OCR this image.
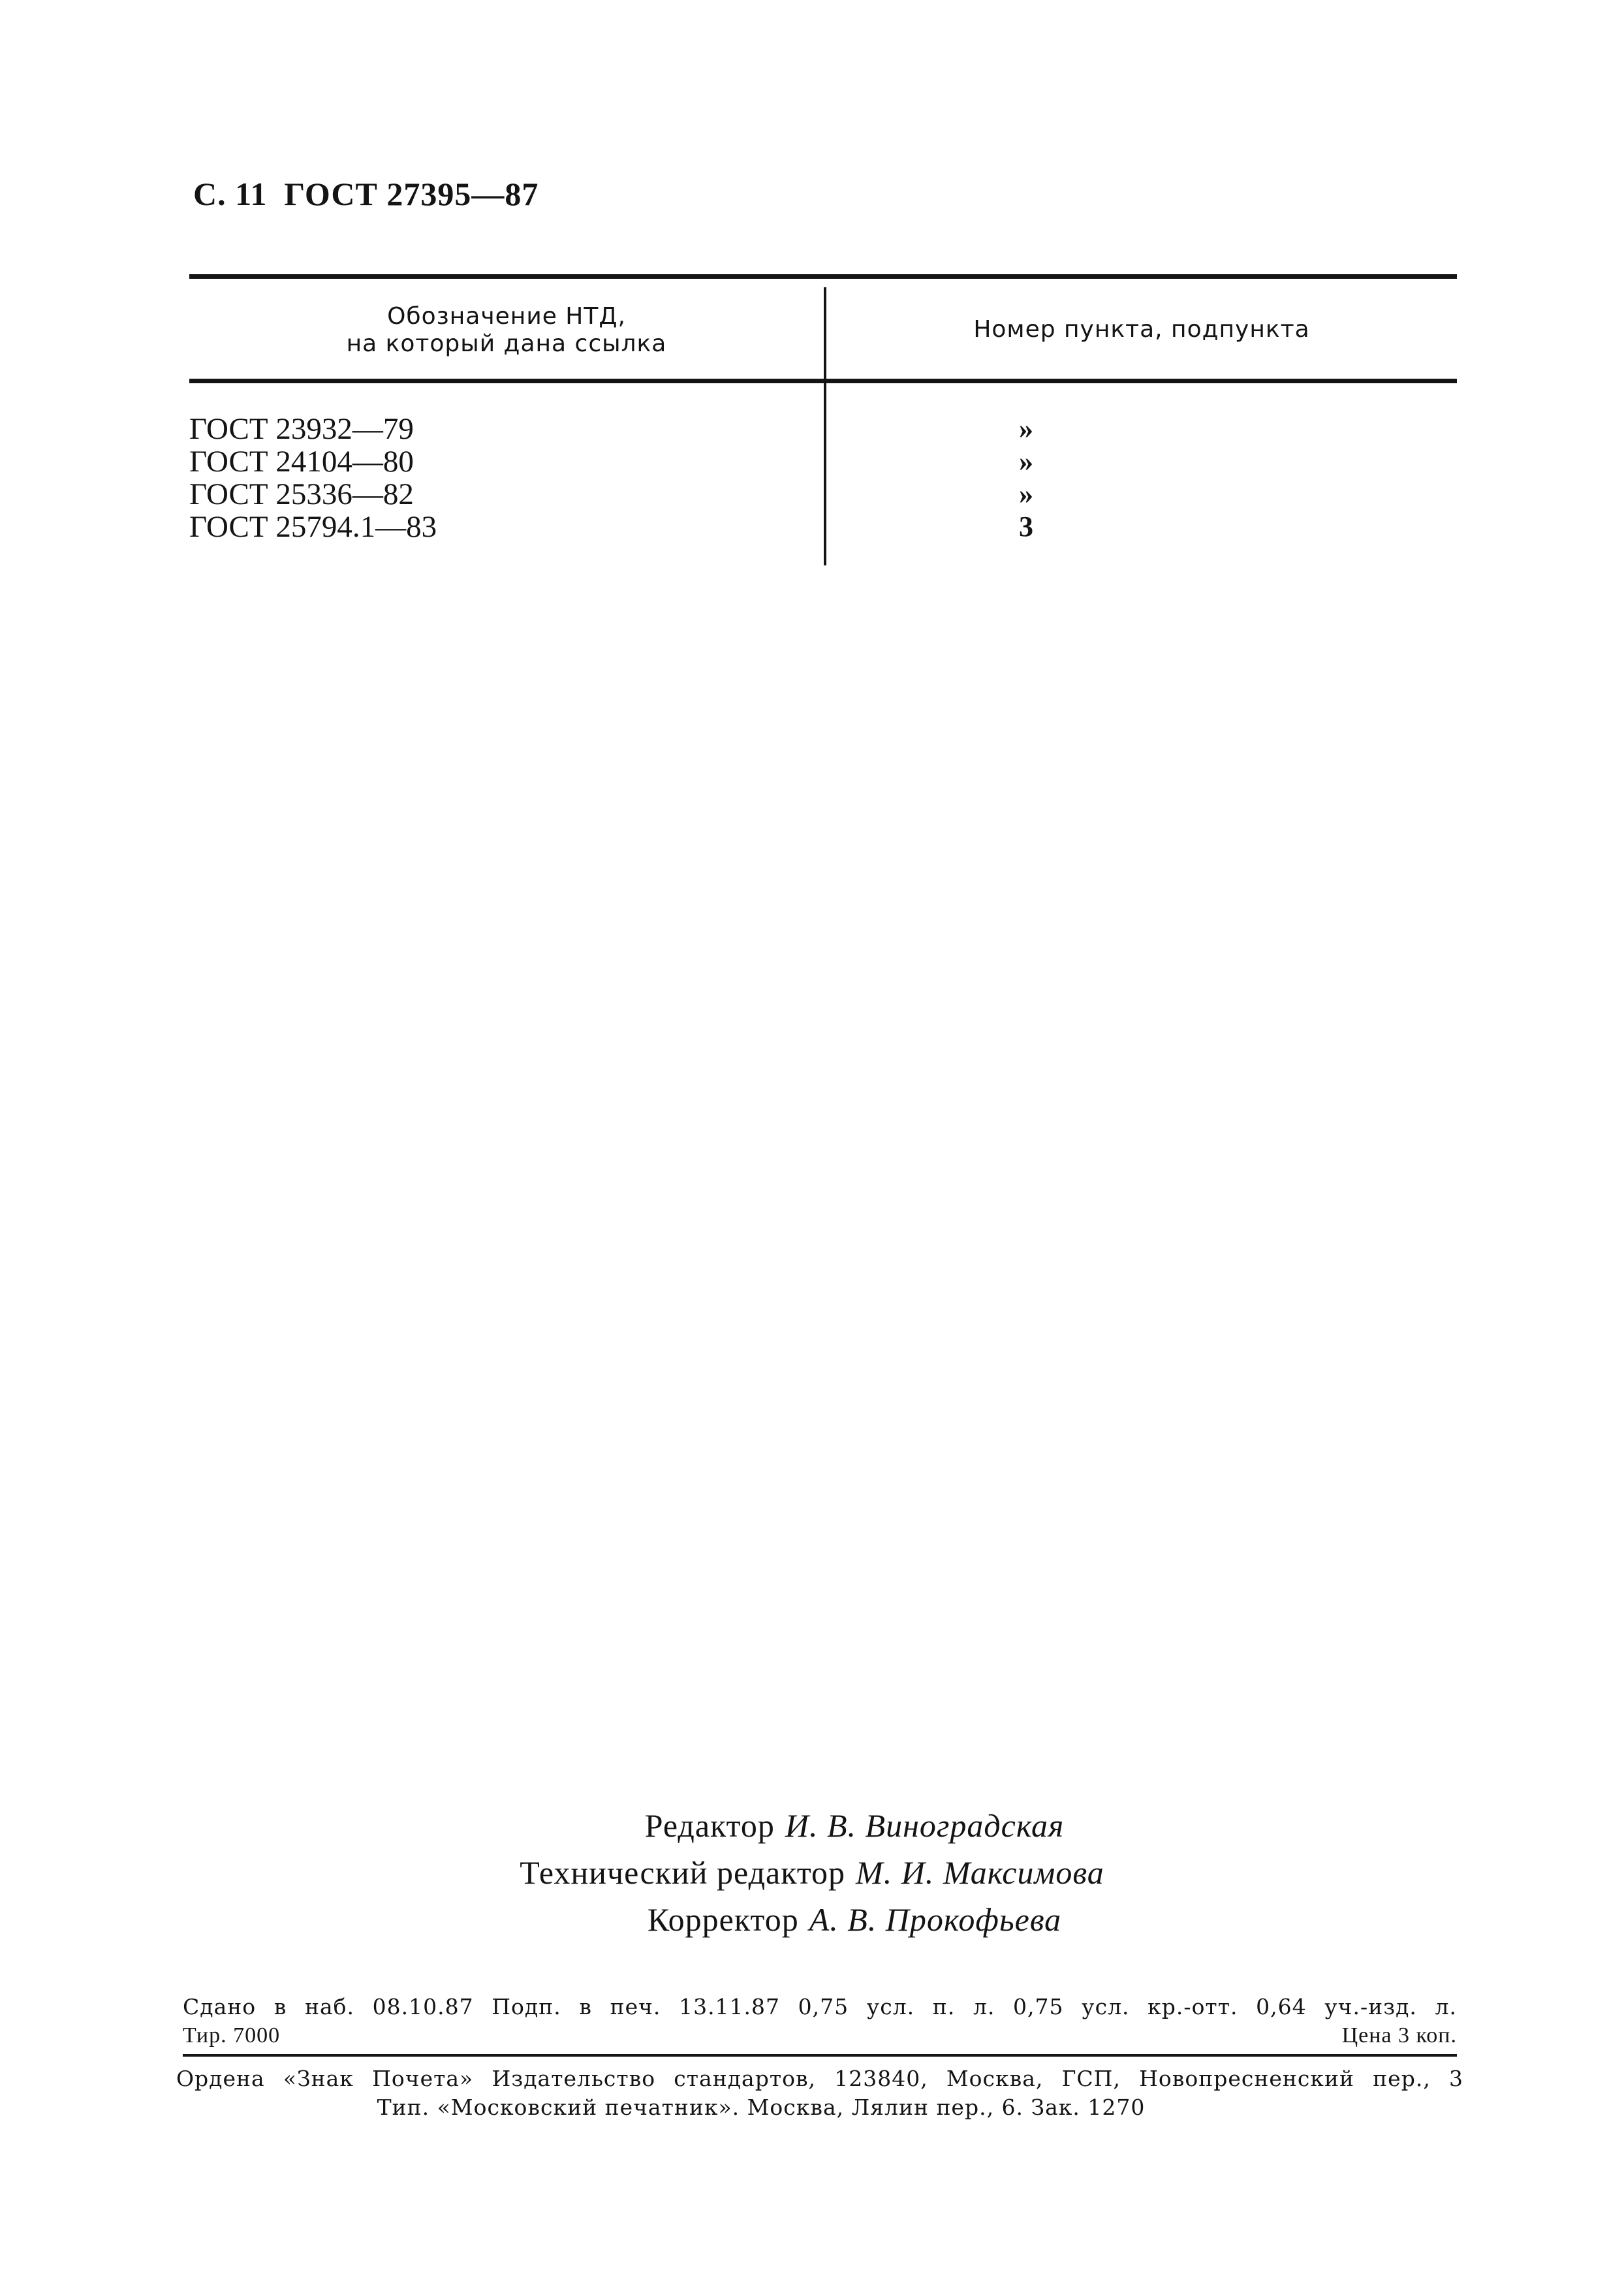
С. 11 ГОСТ 27395—87
Обозначение НТД,
на который дана ссылка
Номер пункта, подпункта
ГОСТ 23932—79	»
ГОСТ 24104—80	»
ГОСТ 25336—82	»
ГОСТ 25794.1—83	3
Редактор И. В. Виноградская
Технический редактор М. И. Максимова
Корректор А. В. Прокофьева
Сдано в наб. 08.10.87 Подп. в печ. 13.11.87 0,75 усл. п. л. 0,75 усл. кр.-отт. 0,64 уч.-изд. л.
Тир. 7000	Цена 3 коп.
Ордена «Знак Почета» Издательство стандартов, 123840, Москва, ГСП, Новопресненский пер., 3
Тип. «Московский печатник». Москва, Лялин пер., 6. Зак. 1270
